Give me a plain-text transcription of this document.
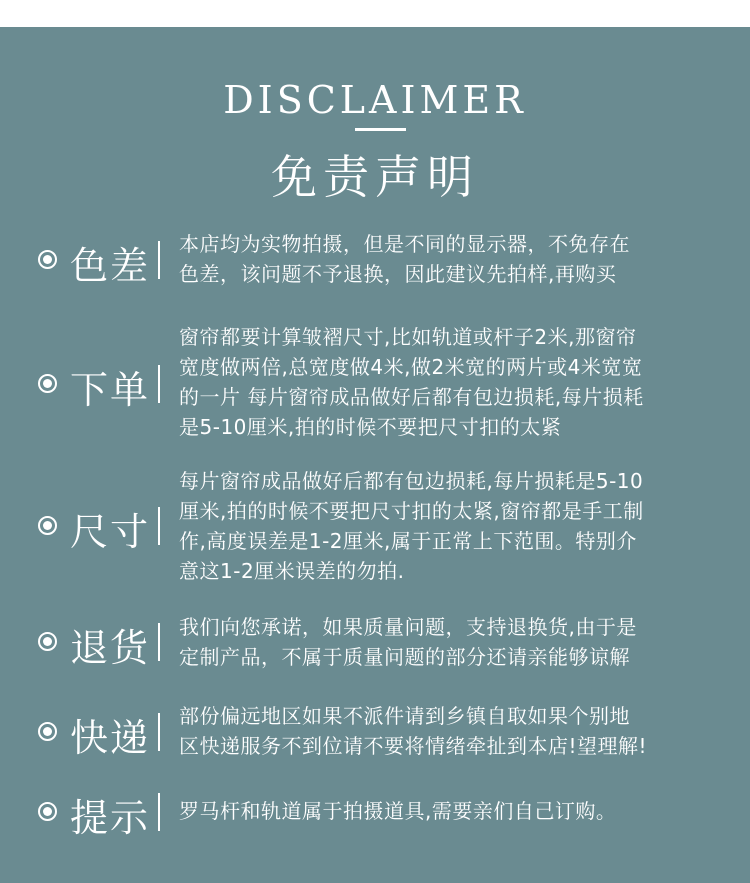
DISCLAIMER
免责声明
色差 本店均为实物拍摄，但是不同的显示器，不免存在
色差，该问题不予退换，因此建议先拍样,再购买
下单
窗帘都要计算皱褶尺寸,比如轨道或杆子2米,那窗帘
宽度做两倍,总宽度做4米,做2米宽的两片或4米宽宽
的一片 每片窗帘成品做好后都有包边损耗,每片损耗
是5-10厘米,拍的时候不要把尺寸扣的太紧
尺寸
每片窗帘成品做好后都有包边损耗,每片损耗是5-10
厘米,拍的时候不要把尺寸扣的太紧,窗帘都是手工制
作,高度误差是1-2厘米,属于正常上下范围。特别介
意这1-2厘米误差的勿拍.
退货 我们向您承诺，如果质量问题，支持退换货,由于是
定制产品，不属于质量问题的部分还请亲能够谅解
快递 部份偏远地区如果不派件请到乡镇自取如果个别地
区快递服务不到位请不要将情绪牵扯到本店!望理解!
提示 罗马杆和轨道属于拍摄道具,需要亲们自己订购。
